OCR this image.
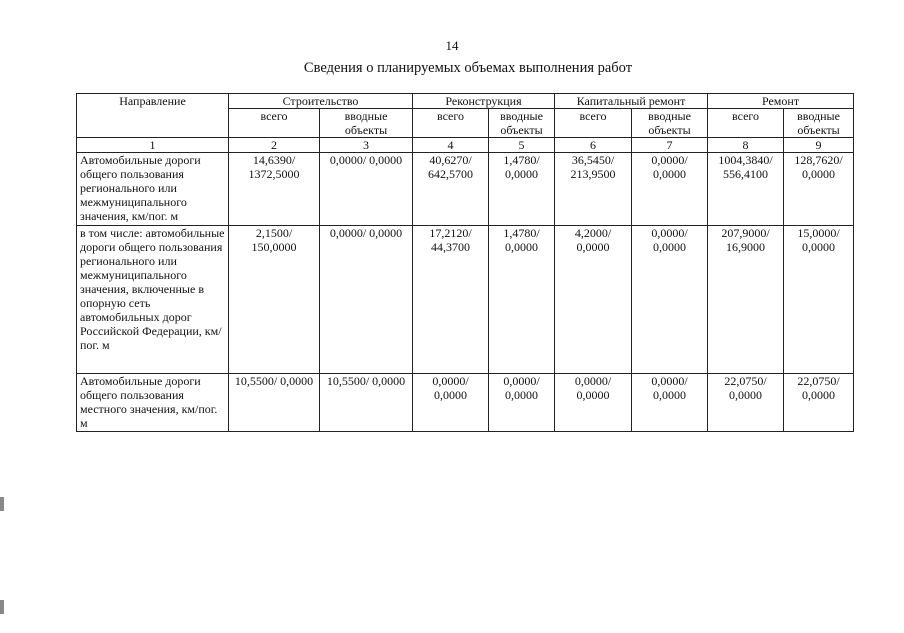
14
Сведения о планируемых объемах выполнения работ
Направление	Строительство		Реконструкция		Капитальный ремонт		Ремонт	
	всего	вводные объекты	всего	вводные объекты	всего	вводные объекты	всего	вводные объекты
1	2	3	4	5	6	7	8	9
Автомобильные дороги общего пользования регионального или межмуниципального значения, км/пог. м	14,6390/ 1372,5000	0,0000/ 0,0000	40,6270/ 642,5700	1,4780/ 0,0000	36,5450/ 213,9500	0,0000/ 0,0000	1004,3840/ 556,4100	128,7620/ 0,0000
в том числе: автомобильные дороги общего пользования регионального или межмуниципального значения, включенные в опорную сеть автомобильных дорог Российской Федерации, км/пог. м	2,1500/ 150,0000	0,0000/ 0,0000	17,2120/ 44,3700	1,4780/ 0,0000	4,2000/ 0,0000	0,0000/ 0,0000	207,9000/ 16,9000	15,0000/ 0,0000
Автомобильные дороги общего пользования местного значения, км/пог. м	10,5500/ 0,0000	10,5500/ 0,0000	0,0000/ 0,0000	0,0000/ 0,0000	0,0000/ 0,0000	0,0000/ 0,0000	22,0750/ 0,0000	22,0750/ 0,0000
